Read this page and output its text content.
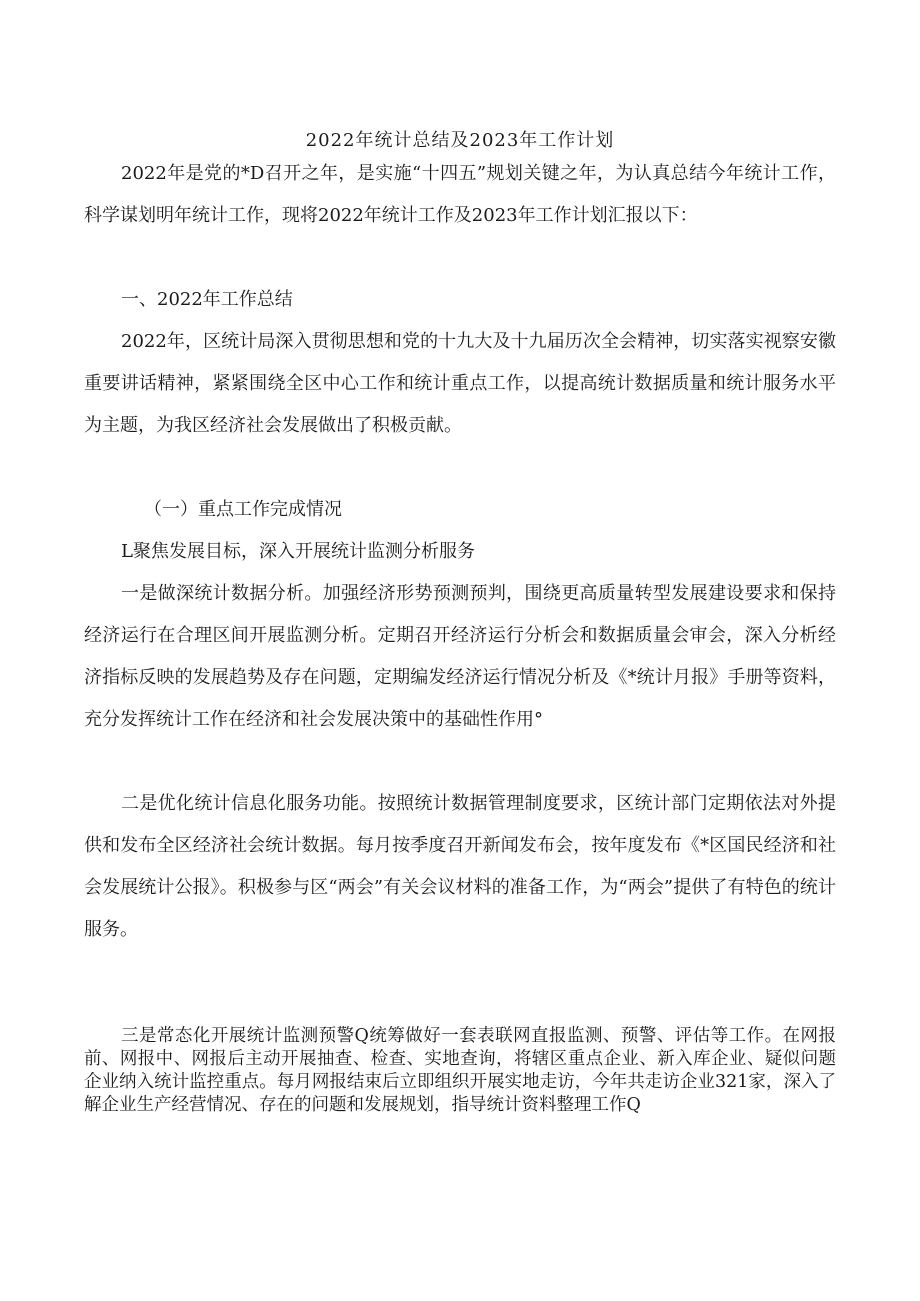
2022年统计总结及2023年工作计划

2022年是党的*D召开之年，是实施“十四五”规划关键之年，为认真总结今年统计工作，科学谋划明年统计工作，现将2022年统计工作及2023年工作计划汇报以下：

一、2022年工作总结

2022年，区统计局深入贯彻思想和党的十九大及十九届历次全会精神，切实落实视察安徽重要讲话精神，紧紧围绕全区中心工作和统计重点工作，以提高统计数据质量和统计服务水平为主题，为我区经济社会发展做出了积极贡献。

（一）重点工作完成情况

L聚焦发展目标，深入开展统计监测分析服务

一是做深统计数据分析。加强经济形势预测预判，围绕更高质量转型发展建设要求和保持经济运行在合理区间开展监测分析。定期召开经济运行分析会和数据质量会审会，深入分析经济指标反映的发展趋势及存在问题，定期编发经济运行情况分析及《*统计月报》手册等资料，充分发挥统计工作在经济和社会发展决策中的基础性作用°

二是优化统计信息化服务功能。按照统计数据管理制度要求，区统计部门定期依法对外提供和发布全区经济社会统计数据。每月按季度召开新闻发布会，按年度发布《*区国民经济和社会发展统计公报》。积极参与区“两会”有关会议材料的准备工作，为“两会”提供了有特色的统计服务。

三是常态化开展统计监测预警Q统筹做好一套表联网直报监测、预警、评估等工作。在网报前、网报中、网报后主动开展抽查、检查、实地查询，将辖区重点企业、新入库企业、疑似问题企业纳入统计监控重点。每月网报结束后立即组织开展实地走访，今年共走访企业321家，深入了解企业生产经营情况、存在的问题和发展规划，指导统计资料整理工作Q
